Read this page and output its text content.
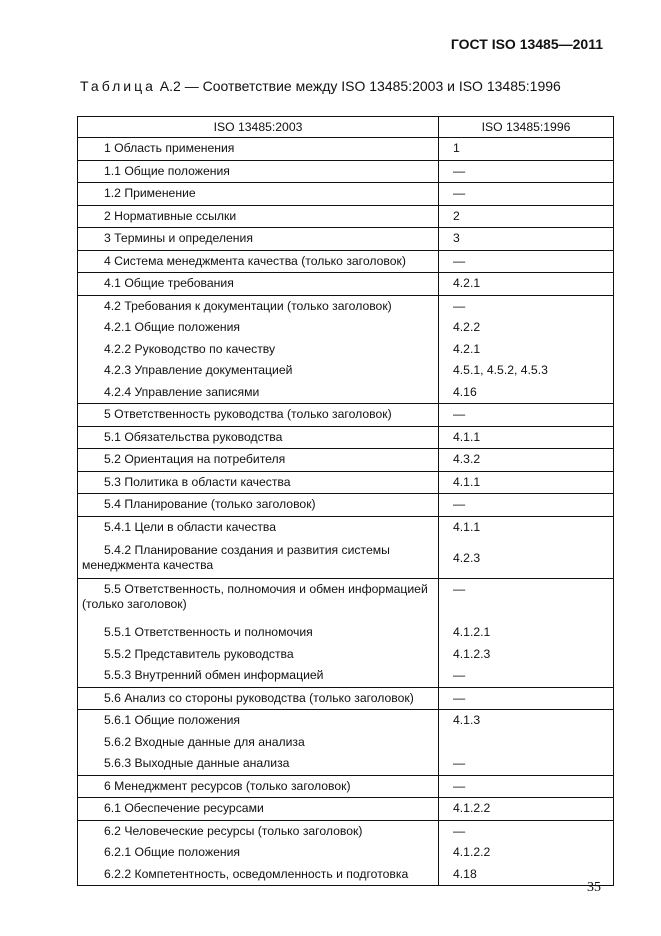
ГОСТ ISO 13485—2011
Таблица А.2 — Соответствие между ISO 13485:2003 и ISO 13485:1996
ISO 13485:2003	ISO 13485:1996
1 Область применения	1
1.1 Общие положения	—
1.2 Применение	—
2 Нормативные ссылки	2
3 Термины и определения	3
4 Система менеджмента качества (только заголовок)	—
4.1 Общие требования	4.2.1
4.2 Требования к документации (только заголовок)	—
4.2.1 Общие положения	4.2.2
4.2.2 Руководство по качеству	4.2.1
4.2.3 Управление документацией	4.5.1, 4.5.2, 4.5.3
4.2.4 Управление записями	4.16
5 Ответственность руководства (только заголовок)	—
5.1 Обязательства руководства	4.1.1
5.2 Ориентация на потребителя	4.3.2
5.3 Политика в области качества	4.1.1
5.4 Планирование (только заголовок)	—
5.4.1 Цели в области качества	4.1.1

5.4.2 Планирование создания и развития системы
менеджмента качества	4.2.3
5.5 Ответственность, полномочия и обмен информацией (только заголовок)	—
5.5.1 Ответственность и полномочия	4.1.2.1
5.5.2 Представитель руководства	4.1.2.3
5.5.3 Внутренний обмен информацией	—
5.6 Анализ со стороны руководства (только заголовок)	—
5.6.1 Общие положения	4.1.3
5.6.2 Входные данные для анализа	
5.6.3 Выходные данные анализа	—
6 Менеджмент ресурсов (только заголовок)	—
6.1 Обеспечение ресурсами	4.1.2.2
6.2 Человеческие ресурсы (только заголовок)	—
6.2.1 Общие положения	4.1.2.2
6.2.2 Компетентность, осведомленность и подготовка	4.18
35
